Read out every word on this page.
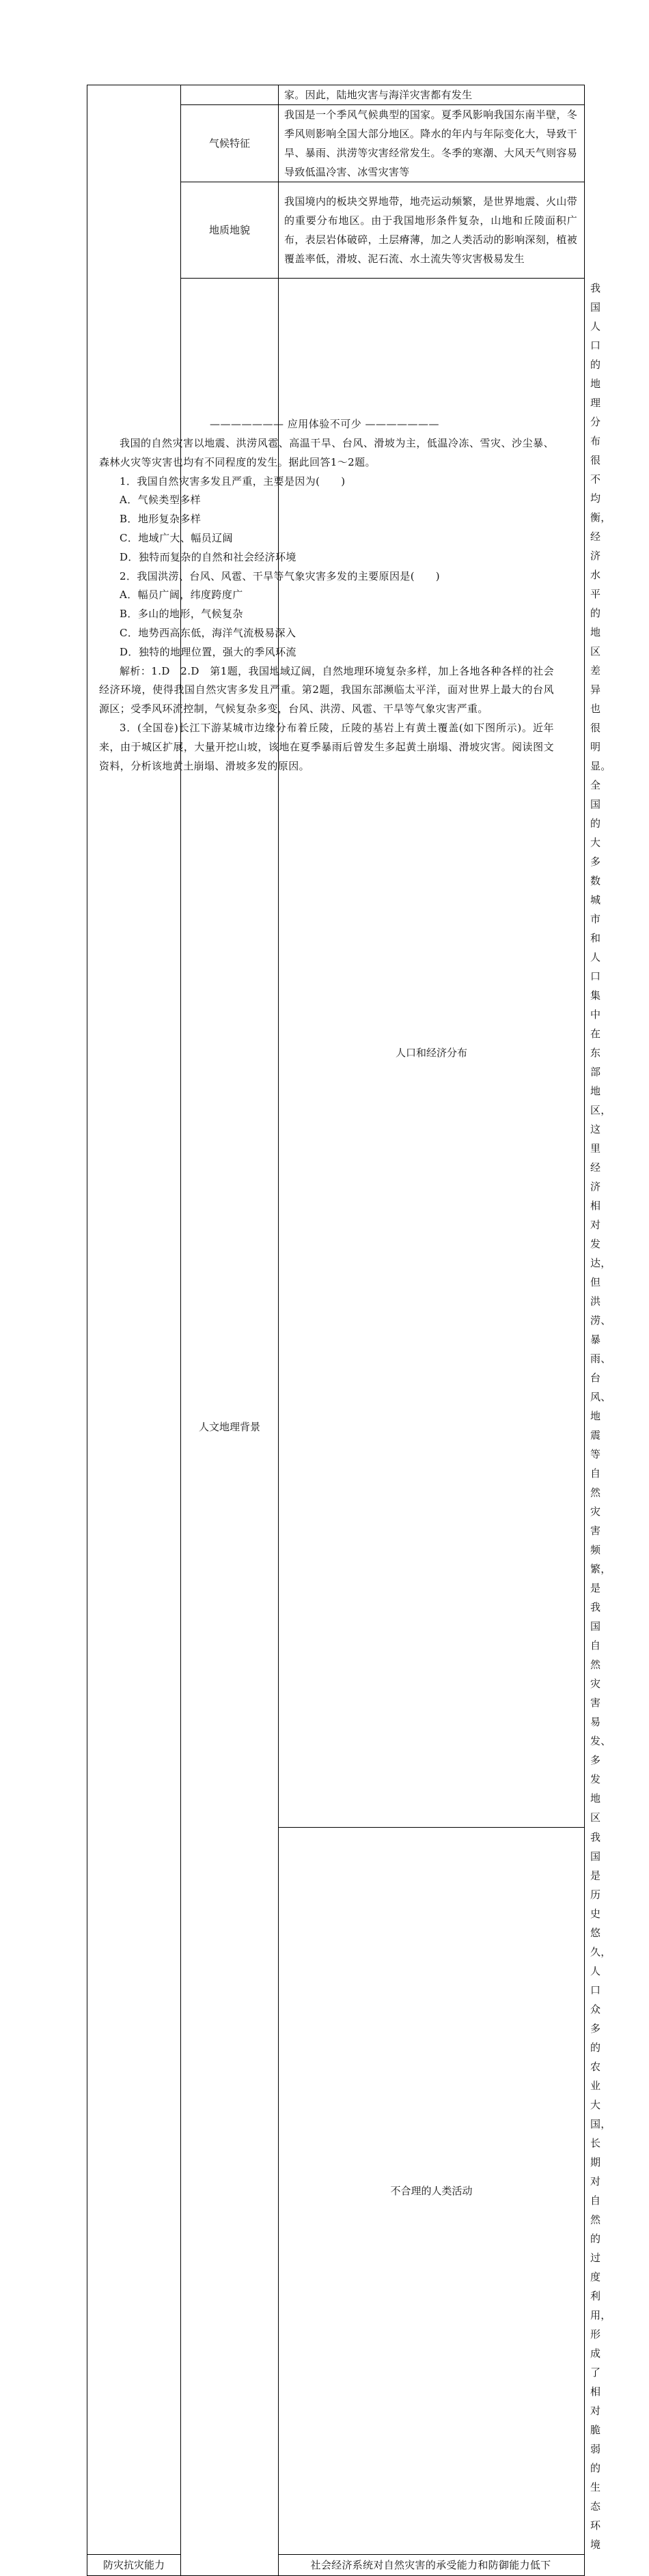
		家。因此，陆地灾害与海洋灾害都有发生	
	气候特征	我国是一个季风气候典型的国家。夏季风影响我国东南半壁，冬季风则影响全国大部分地区。降水的年内与年际变化大，导致干旱、暴雨、洪涝等灾害经常发生。冬季的寒潮、大风天气则容易导致低温冷害、冰雪灾害等	
	地质地貌	我国境内的板块交界地带，地壳运动频繁，是世界地震、火山带的重要分布地区。由于我国地形条件复杂，山地和丘陵面积广布，表层岩体破碎，土层瘠薄，加之人类活动的影响深刻，植被覆盖率低，滑坡、泥石流、水土流失等灾害极易发生	
	人文地理背景	人口和经济分布	我国人口的地理分布很不均衡，经济水平的地区差异也很明显。全国的大多数城市和人口集中在东部地区，这里经济相对发达，但洪涝、暴雨、台风、地震等自然灾害频繁，是我国自然灾害易发、多发地区
		不合理的人类活动	我国是历史悠久，人口众多的农业大国，长期对自然的过度利用，形成了相对脆弱的生态环境
防灾抗灾能力		社会经济系统对自然灾害的承受能力和防御能力低下	
——————— 应用体验不可少 ———————

我国的自然灾害以地震、洪涝风雹、高温干旱、台风、滑坡为主，低温冷冻、雪灾、沙尘暴、森林火灾等灾害也均有不同程度的发生。据此回答1～2题。

1．我国自然灾害多发且严重，主要是因为(　　)

A．气候类型多样

B．地形复杂多样

C．地域广大、幅员辽阔

D．独特而复杂的自然和社会经济环境

2．我国洪涝、台风、风雹、干旱等气象灾害多发的主要原因是(　　)

A．幅员广阔，纬度跨度广

B．多山的地形，气候复杂

C．地势西高东低，海洋气流极易深入

D．独特的地理位置，强大的季风环流

解析：1.D　2.D　第1题，我国地域辽阔，自然地理环境复杂多样，加上各地各种各样的社会经济环境，使得我国自然灾害多发且严重。第2题，我国东部濒临太平洋，面对世界上最大的台风源区；受季风环流控制，气候复杂多变，台风、洪涝、风雹、干旱等气象灾害严重。

3．(全国卷)长江下游某城市边缘分布着丘陵，丘陵的基岩上有黄土覆盖(如下图所示)。近年来，由于城区扩展，大量开挖山坡，该地在夏季暴雨后曾发生多起黄土崩塌、滑坡灾害。阅读图文资料，分析该地黄土崩塌、滑坡多发的原因。
